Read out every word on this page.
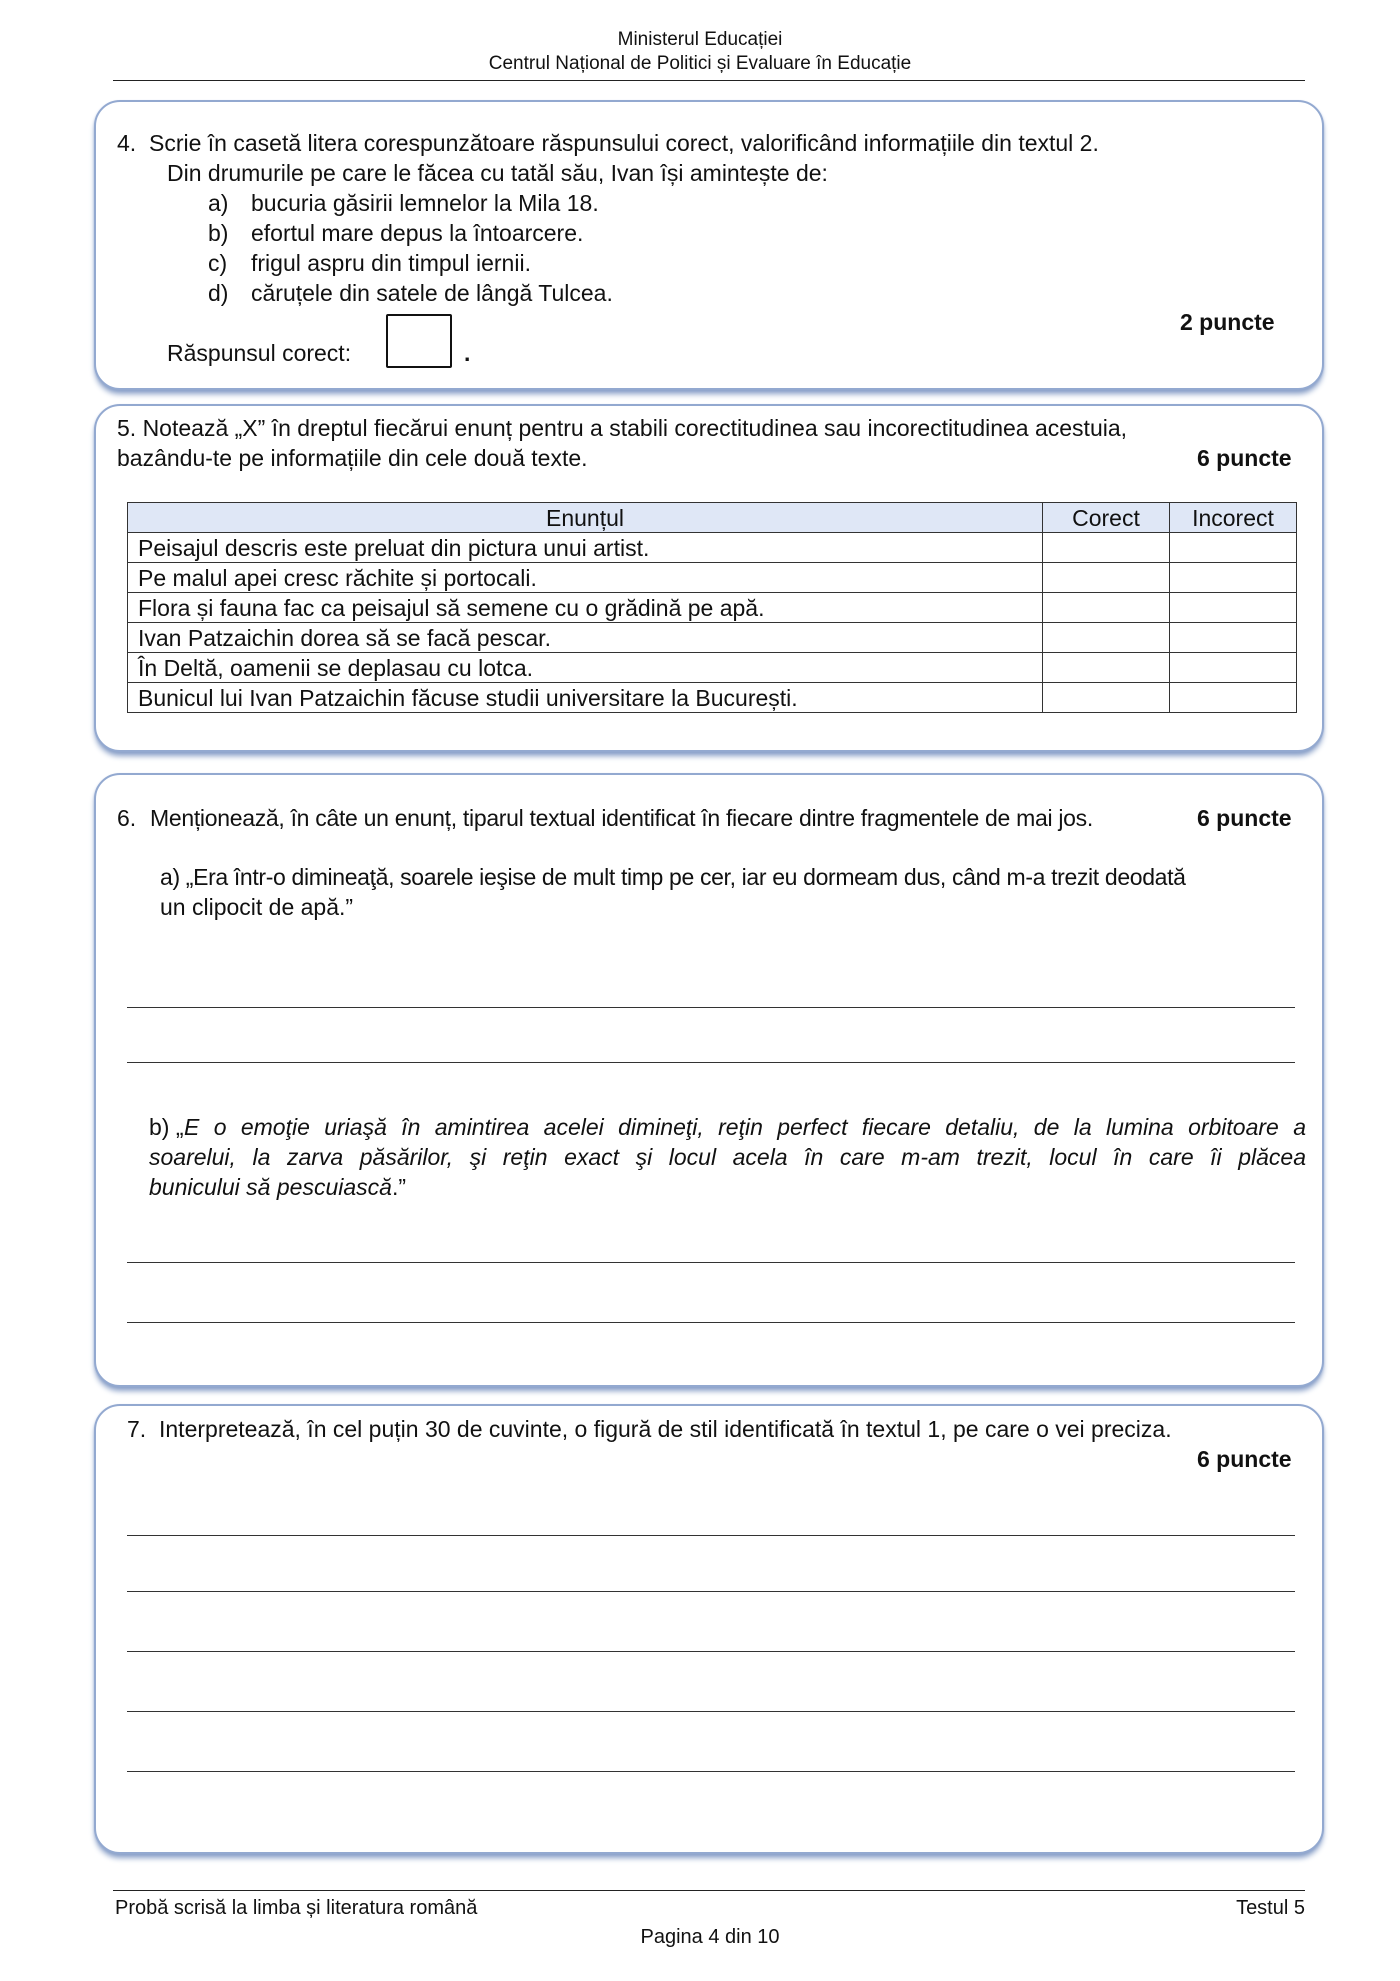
Ministerul Educației
Centrul Național de Politici și Evaluare în Educație
4. Scrie în casetă litera corespunzătoare răspunsului corect, valorificând informațiile din textul 2.
Din drumurile pe care le făcea cu tatăl său, Ivan își amintește de:
a) bucuria găsirii lemnelor la Mila 18.
b) efortul mare depus la întoarcere.
c) frigul aspru din timpul iernii.
d) căruțele din satele de lângă Tulcea.
2 puncte
Răspunsul corect:	.
5. Notează „X” în dreptul fiecărui enunț pentru a stabili corectitudinea sau incorectitudinea acestuia,
bazându-te pe informațiile din cele două texte.	6 puncte
Enunțul	Corect	Incorect
Peisajul descris este preluat din pictura unui artist.		
Pe malul apei cresc răchite și portocali.		
Flora și fauna fac ca peisajul să semene cu o grădină pe apă.		
Ivan Patzaichin dorea să se facă pescar.		
În Deltă, oamenii se deplasau cu lotca.		
Bunicul lui Ivan Patzaichin făcuse studii universitare la București.		
6. Menționează, în câte un enunț, tiparul textual identificat în fiecare dintre fragmentele de mai jos.	6 puncte
a) „Era într-o dimineaţă, soarele ieşise de mult timp pe cer, iar eu dormeam dus, când m-a trezit deodată
un clipocit de apă.”
b) „ E o emoţie uriaşă în amintirea acelei dimineţi, reţin perfect fiecare detaliu, de la lumina orbitoare a
soarelui, la zarva păsărilor, şi reţin exact şi locul acela în care m-am trezit, locul în care îi plăcea
bunicului să pescuiască.”
7. Interpretează, în cel puțin 30 de cuvinte, o figură de stil identificată în textul 1, pe care o vei preciza.
6 puncte
Probă scrisă la limba și literatura română	Testul 5
Pagina 4 din 10
